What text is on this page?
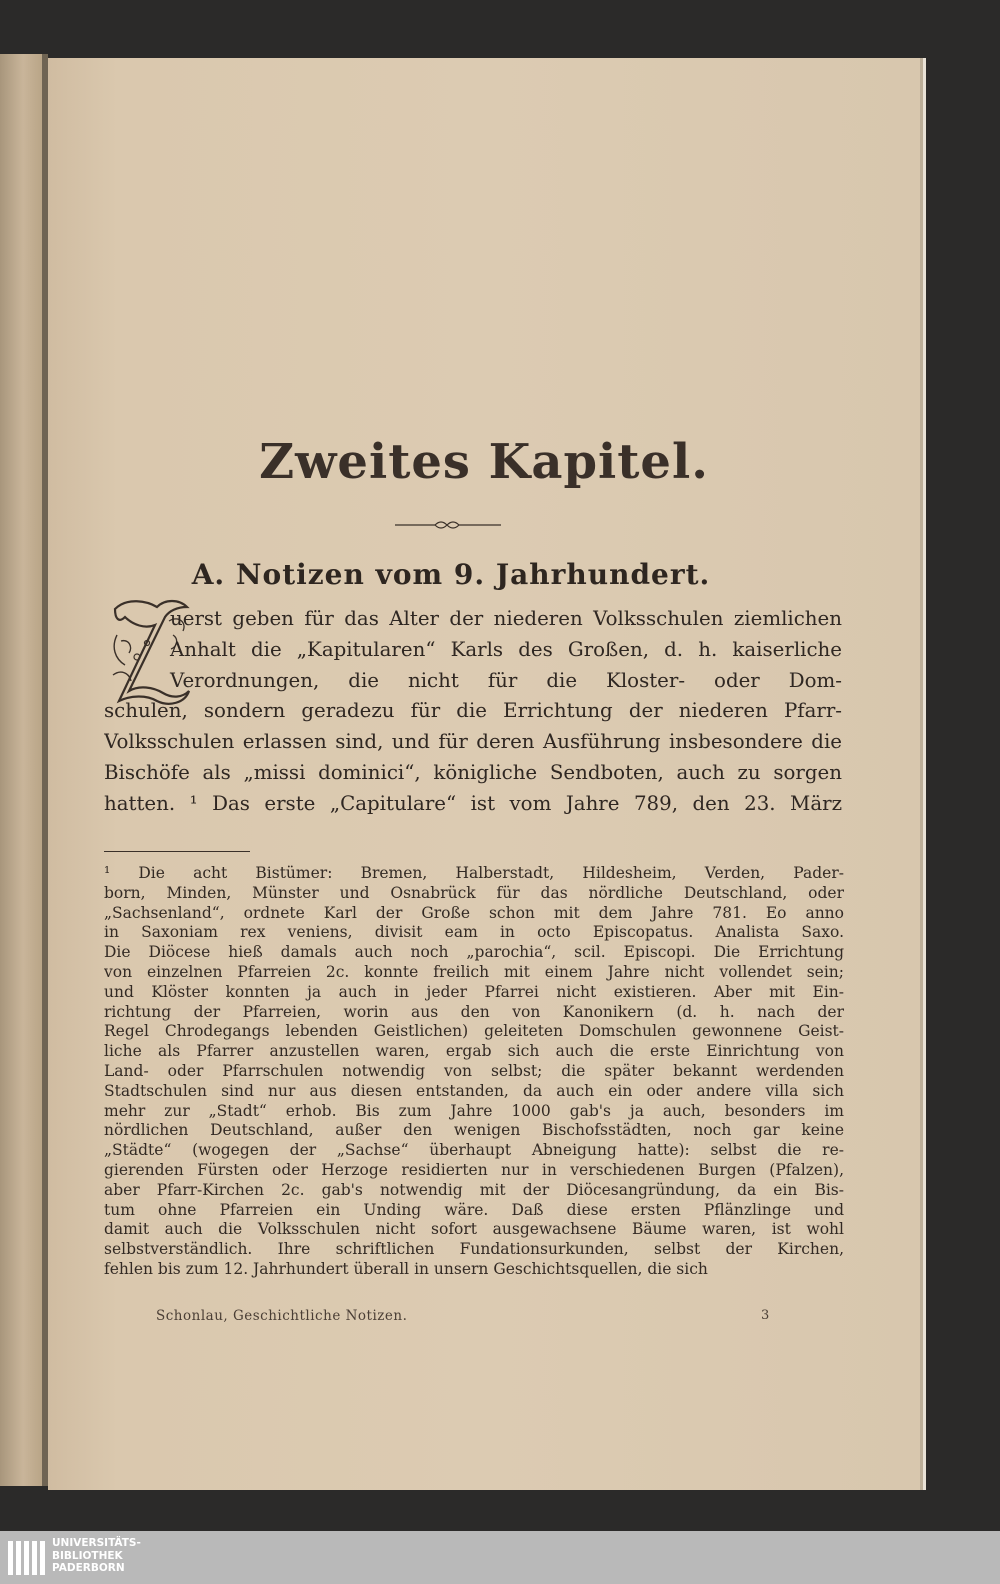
Zweites Kapitel.
A. Notizen vom 9. Jahrhundert.
uerst geben für das Alter der niederen Volksschulen ziemlichen
Anhalt die „Kapitularen“ Karls des Großen, d. h. kaiserliche
Verordnungen, die nicht für die Kloster- oder Dom-
schulen, sondern geradezu für die Errichtung der niederen Pfarr-
Volksschulen erlassen sind, und für deren Ausführung insbesondere die
Bischöfe als „missi dominici“, königliche Sendboten, auch zu sorgen
hatten. ¹ Das erste „Capitulare“ ist vom Jahre 789, den 23. März
¹ Die acht Bistümer: Bremen, Halberstadt, Hildesheim, Verden, Pader-
born, Minden, Münster und Osnabrück für das nördliche Deutschland, oder
„Sachsenland“, ordnete Karl der Große schon mit dem Jahre 781. Eo anno
in Saxoniam rex veniens, divisit eam in octo Episcopatus. Analista Saxo.
Die Diöcese hieß damals auch noch „parochia“, scil. Episcopi. Die Errichtung
von einzelnen Pfarreien 2c. konnte freilich mit einem Jahre nicht vollendet sein;
und Klöster konnten ja auch in jeder Pfarrei nicht existieren. Aber mit Ein-
richtung der Pfarreien, worin aus den von Kanonikern (d. h. nach der
Regel Chrodegangs lebenden Geistlichen) geleiteten Domschulen gewonnene Geist-
liche als Pfarrer anzustellen waren, ergab sich auch die erste Einrichtung von
Land- oder Pfarrschulen notwendig von selbst; die später bekannt werdenden
Stadtschulen sind nur aus diesen entstanden, da auch ein oder andere villa sich
mehr zur „Stadt“ erhob. Bis zum Jahre 1000 gab's ja auch, besonders im
nördlichen Deutschland, außer den wenigen Bischofsstädten, noch gar keine
„Städte“ (wogegen der „Sachse“ überhaupt Abneigung hatte): selbst die re-
gierenden Fürsten oder Herzoge residierten nur in verschiedenen Burgen (Pfalzen),
aber Pfarr-Kirchen 2c. gab's notwendig mit der Diöcesangründung, da ein Bis-
tum ohne Pfarreien ein Unding wäre. Daß diese ersten Pflänzlinge und
damit auch die Volksschulen nicht sofort ausgewachsene Bäume waren, ist wohl
selbstverständlich. Ihre schriftlichen Fundationsurkunden, selbst der Kirchen,
fehlen bis zum 12. Jahrhundert überall in unsern Geschichtsquellen, die sich
Schonlau, Geschichtliche Notizen.	3
UNIVERSITÄTS-
BIBLIOTHEK
PADERBORN
